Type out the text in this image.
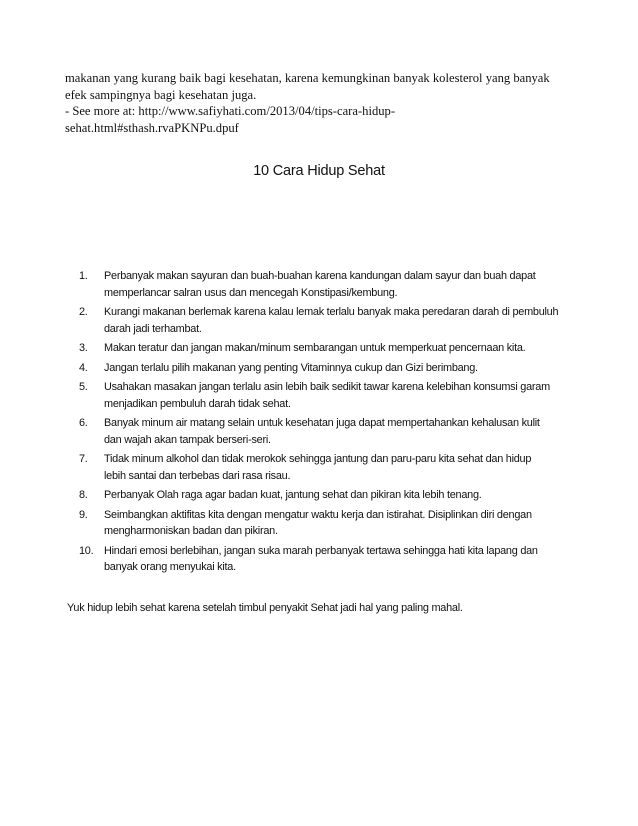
makanan yang kurang baik bagi kesehatan, karena kemungkinan banyak kolesterol yang banyak

efek sampingnya bagi kesehatan juga.

- See more at: http://www.safiyhati.com/2013/04/tips-cara-hidup-

sehat.html#sthash.rvaPKNPu.dpuf

10 Cara Hidup Sehat
1. Perbanyak makan sayuran dan buah-buahan karena kandungan dalam sayur dan buah dapat
memperlancar salran usus dan mencegah Konstipasi/kembung.
2. Kurangi makanan berlemak karena kalau lemak terlalu banyak maka peredaran darah di pembuluh
darah jadi terhambat.
3. Makan teratur dan jangan makan/minum sembarangan untuk memperkuat pencernaan kita.
4. Jangan terlalu pilih makanan yang penting Vitaminnya cukup dan Gizi berimbang.
5. Usahakan masakan jangan terlalu asin lebih baik sedikit tawar karena kelebihan konsumsi garam
menjadikan pembuluh darah tidak sehat.
6. Banyak minum air matang selain untuk kesehatan juga dapat mempertahankan kehalusan kulit
dan wajah akan tampak berseri-seri.
7. Tidak minum alkohol dan tidak merokok sehingga jantung dan paru-paru kita sehat dan hidup
lebih santai dan terbebas dari rasa risau.
8. Perbanyak Olah raga agar badan kuat, jantung sehat dan pikiran kita lebih tenang.
9. Seimbangkan aktifitas kita dengan mengatur waktu kerja dan istirahat. Disiplinkan diri dengan
mengharmoniskan badan dan pikiran.
10. Hindari emosi berlebihan, jangan suka marah perbanyak tertawa sehingga hati kita lapang dan
banyak orang menyukai kita.
Yuk hidup lebih sehat karena setelah timbul penyakit Sehat jadi hal yang paling mahal.
